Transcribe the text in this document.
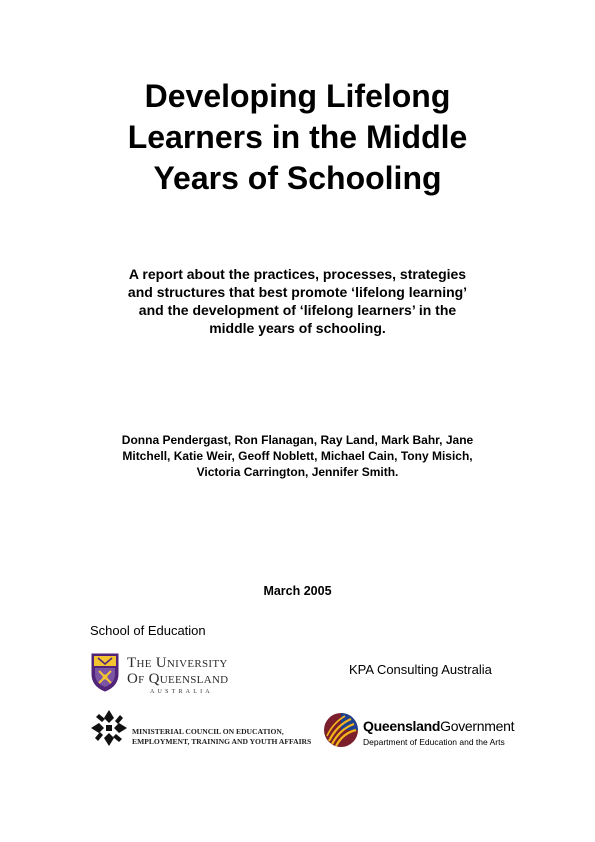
Developing Lifelong
Learners in the Middle
Years of Schooling
A report about the practices, processes, strategies
and structures that best promote ‘lifelong learning’
and the development of ‘lifelong learners’ in the
middle years of schooling.
Donna Pendergast, Ron Flanagan, Ray Land, Mark Bahr, Jane
Mitchell, Katie Weir, Geoff Noblett, Michael Cain, Tony Misich,
Victoria Carrington, Jennifer Smith.
March 2005
School of Education
KPA Consulting Australia
The University
Of Queensland
AUSTRALIA
MINISTERIAL COUNCIL ON EDUCATION,
EMPLOYMENT, TRAINING AND YOUTH AFFAIRS
QueenslandGovernment
Department of Education and the Arts
